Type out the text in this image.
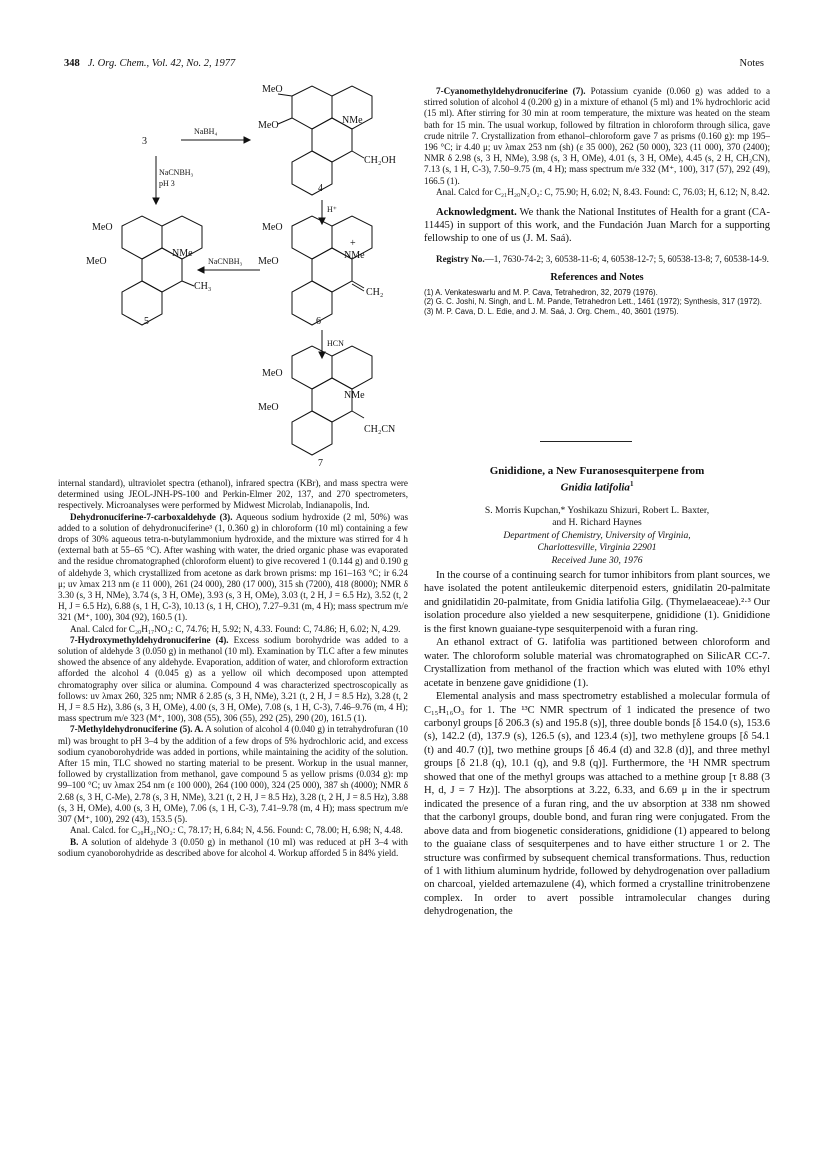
348 J. Org. Chem., Vol. 42, No. 2, 1977	Notes
3
NaBH₄
NaCNBH₃
pH 3
MeO
MeO	NMe
CH₂OH
4
H⁺
MeO
MeO
NMe
CH₃
NaCNBH₃
MeO
MeO
+
NMe
CH₂
5	6
HCN
MeO
MeO
NMe
CH₂CN
7

internal standard), ultraviolet spectra (ethanol), infrared spectra (KBr), and mass spectra were determined using JEOL-JNH-PS-100 and Perkin-Elmer 202, 137, and 270 spectrometers, respectively. Microanalyses were performed by Midwest Microlab, Indianapolis, Ind.

Dehydronuciferine-7-carboxaldehyde (3). Aqueous sodium hydroxide (2 ml, 50%) was added to a solution of dehydronuciferine³ (1, 0.360 g) in chloroform (10 ml) containing a few drops of 30% aqueous tetra-n-butylammonium hydroxide, and the mixture was stirred for 4 h (external bath at 55–65 °C). After washing with water, the dried organic phase was evaporated and the residue chromatographed (chloroform eluent) to give recovered 1 (0.144 g) and 0.190 g of aldehyde 3, which crystallized from acetone as dark brown prisms: mp 161–163 °C; ir 6.24 μ; uv λmax 213 nm (ε 11 000), 261 (24 000), 280 (17 000), 315 sh (7200), 418 (8000); NMR δ 3.30 (s, 3 H, NMe), 3.74 (s, 3 H, OMe), 3.93 (s, 3 H, OMe), 3.03 (t, 2 H, J = 6.5 Hz), 3.52 (t, 2 H, J = 6.5 Hz), 6.88 (s, 1 H, C-3), 10.13 (s, 1 H, CHO), 7.27–9.31 (m, 4 H); mass spectrum m/e 321 (M⁺, 100), 304 (92), 160.5 (1).

Anal. Calcd for C₂₀H₁₇NO₃: C, 74.76; H, 5.92; N, 4.33. Found: C, 74.86; H, 6.02; N, 4.29.

7-Hydroxymethyldehydronuciferine (4). Excess sodium borohydride was added to a solution of aldehyde 3 (0.050 g) in methanol (10 ml). Examination by TLC after a few minutes showed the absence of any aldehyde. Evaporation, addition of water, and chloroform extraction afforded the alcohol 4 (0.045 g) as a yellow oil which decomposed upon attempted chromatography over silica or alumina. Compound 4 was characterized spectroscopically as follows: uv λmax 260, 325 nm; NMR δ 2.85 (s, 3 H, NMe), 3.21 (t, 2 H, J = 8.5 Hz), 3.28 (t, 2 H, J = 8.5 Hz), 3.86 (s, 3 H, OMe), 4.00 (s, 3 H, OMe), 7.08 (s, 1 H, C-3), 7.46–9.76 (m, 4 H); mass spectrum m/e 323 (M⁺, 100), 308 (55), 306 (55), 292 (25), 290 (20), 161.5 (1).

7-Methyldehydronuciferine (5). A. A solution of alcohol 4 (0.040 g) in tetrahydrofuran (10 ml) was brought to pH 3–4 by the addition of a few drops of 5% hydrochloric acid, and excess sodium cyanoborohydride was added in portions, while maintaining the acidity of the solution. After 15 min, TLC showed no starting material to be present. Workup in the usual manner, followed by crystallization from methanol, gave compound 5 as yellow prisms (0.034 g): mp 99–100 °C; uv λmax 254 nm (ε 100 000), 264 (100 000), 324 (25 000), 387 sh (4000); NMR δ 2.68 (s, 3 H, C-Me), 2.78 (s, 3 H, NMe), 3.21 (t, 2 H, J = 8.5 Hz), 3.28 (t, 2 H, J = 8.5 Hz), 3.88 (s, 3 H, OMe), 4.00 (s, 3 H, OMe), 7.06 (s, 1 H, C-3), 7.41–9.78 (m, 4 H); mass spectrum m/e 307 (M⁺, 100), 292 (43), 153.5 (5).

Anal. Calcd. for C₂₀H₂₁NO₂: C, 78.17; H, 6.84; N, 4.56. Found: C, 78.00; H, 6.98; N, 4.48.

B. A solution of aldehyde 3 (0.050 g) in methanol (10 ml) was reduced at pH 3–4 with sodium cyanoborohydride as described above for alcohol 4. Workup afforded 5 in 84% yield.

7-Cyanomethyldehydronuciferine (7). Potassium cyanide (0.060 g) was added to a stirred solution of alcohol 4 (0.200 g) in a mixture of ethanol (5 ml) and 1% hydrochloric acid (15 ml). After stirring for 30 min at room temperature, the mixture was heated on the steam bath for 15 min. The usual workup, followed by filtration in chloroform through silica, gave crude nitrile 7. Crystallization from ethanol–chloroform gave 7 as prisms (0.160 g): mp 195–196 °C; ir 4.40 μ; uv λmax 253 nm (sh) (ε 35 000), 262 (50 000), 323 (11 000), 370 (2400); NMR δ 2.98 (s, 3 H, NMe), 3.98 (s, 3 H, OMe), 4.01 (s, 3 H, OMe), 4.45 (s, 2 H, CH₂CN), 7.13 (s, 1 H, C-3), 7.50–9.75 (m, 4 H); mass spectrum m/e 332 (M⁺, 100), 317 (57), 292 (49), 166.5 (1).

Anal. Calcd for C₂₁H₂₀N₂O₂: C, 75.90; H, 6.02; N, 8.43. Found: C, 76.03; H, 6.12; N, 8.42.

Acknowledgment. We thank the National Institutes of Health for a grant (CA-11445) in support of this work, and the Fundación Juan March for a supporting fellowship to one of us (J. M. Saá).

Registry No.—1, 7630-74-2; 3, 60538-11-6; 4, 60538-12-7; 5, 60538-13-8; 7, 60538-14-9.

References and Notes
(1) A. Venkateswarlu and M. P. Cava, Tetrahedron, 32, 2079 (1976).
(2) G. C. Joshi, N. Singh, and L. M. Pande, Tetrahedron Lett., 1461 (1972); Synthesis, 317 (1972).
(3) M. P. Cava, D. L. Edie, and J. M. Saá, J. Org. Chem., 40, 3601 (1975).
Gnididione, a New Furanosesquiterpene from
Gnidia latifolia$^1$
S. Morris Kupchan,* Yoshikazu Shizuri, Robert L. Baxter,
and H. Richard Haynes
Department of Chemistry, University of Virginia,
Charlottesville, Virginia 22901
Received June 30, 1976

In the course of a continuing search for tumor inhibitors from plant sources, we have isolated the potent antileukemic diterpenoid esters, gnidilatin 20-palmitate and gnidilatidin 20-palmitate, from Gnidia latifolia Gilg. (Thymelaeaceae).²·³ Our isolation procedure also yielded a new sesquiterpene, gnididione (1). Gnididione is the first known guaiane-type sesquiterpenoid with a furan ring.

An ethanol extract of G. latifolia was partitioned between chloroform and water. The chloroform soluble material was chromatographed on SilicAR CC-7. Crystallization from methanol of the fraction which was eluted with 10% ethyl acetate in benzene gave gnididione (1).

Elemental analysis and mass spectrometry established a molecular formula of C₁₅H₁₆O₃ for 1. The ¹³C NMR spectrum of 1 indicated the presence of two carbonyl groups [δ 206.3 (s) and 195.8 (s)], three double bonds [δ 154.0 (s), 153.6 (s), 142.2 (d), 137.9 (s), 126.5 (s), and 123.4 (s)], two methylene groups [δ 54.1 (t) and 40.7 (t)], two methine groups [δ 46.4 (d) and 32.8 (d)], and three methyl groups [δ 21.8 (q), 10.1 (q), and 9.8 (q)]. Furthermore, the ¹H NMR spectrum showed that one of the methyl groups was attached to a methine group [τ 8.88 (3 H, d, J = 7 Hz)]. The absorptions at 3.22, 6.33, and 6.69 μ in the ir spectrum indicated the presence of a furan ring, and the uv absorption at 338 nm showed that the carbonyl groups, double bond, and furan ring were conjugated. From the above data and from biogenetic considerations, gnididione (1) appeared to belong to the guaiane class of sesquiterpenes and to have either structure 1 or 2. The structure was confirmed by subsequent chemical transformations. Thus, reduction of 1 with lithium aluminum hydride, followed by dehydrogenation over palladium on charcoal, yielded artemazulene (4), which formed a crystalline trinitrobenzene complex. In order to avert possible intramolecular changes during dehydrogenation, the
